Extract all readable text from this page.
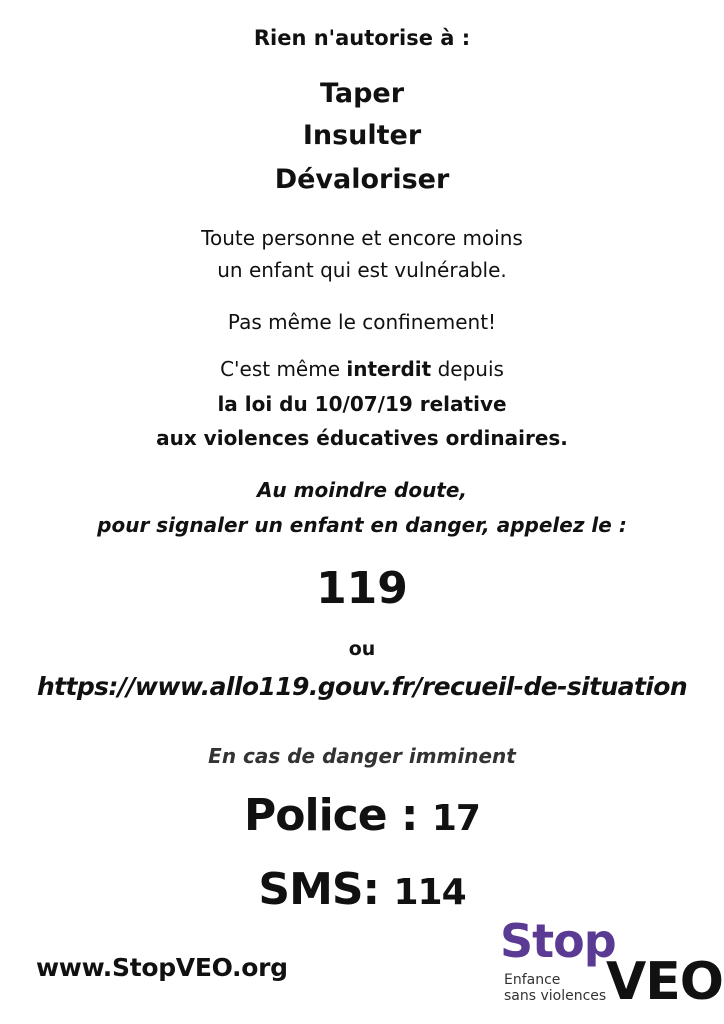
Rien n'autorise à :
Taper
Insulter
Dévaloriser
Toute personne et encore moins
un enfant qui est vulnérable.
Pas même le confinement!
C'est même interdit depuis
la loi du 10/07/19 relative
aux violences éducatives ordinaires.
Au moindre doute,
pour signaler un enfant en danger, appelez le :
119
ou
https://www.allo119.gouv.fr/recueil-de-situation
En cas de danger imminent
Police : 17
SMS: 114
www.StopVEO.org	Stop
Enfance
sans violences VEO
